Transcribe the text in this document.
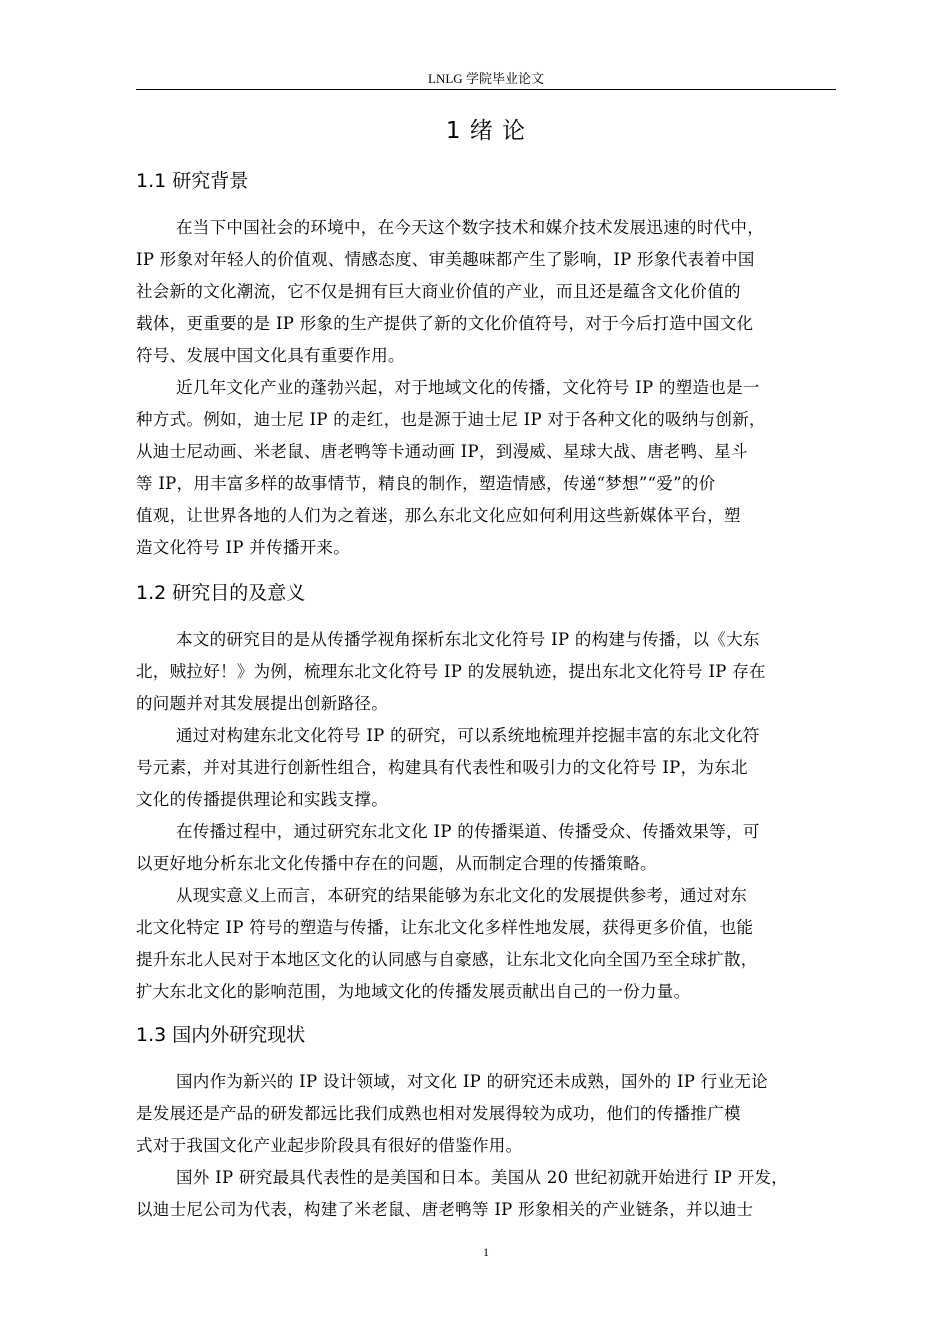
LNLG 学院毕业论文
1 绪 论
1.1 研究背景
在当下中国社会的环境中，在今天这个数字技术和媒介技术发展迅速的时代中，
IP 形象对年轻人的价值观、情感态度、审美趣味都产生了影响，IP 形象代表着中国
社会新的文化潮流，它不仅是拥有巨大商业价值的产业，而且还是蕴含文化价值的
载体，更重要的是 IP 形象的生产提供了新的文化价值符号，对于今后打造中国文化
符号、发展中国文化具有重要作用。
近几年文化产业的蓬勃兴起，对于地域文化的传播，文化符号 IP 的塑造也是一
种方式。例如，迪士尼 IP 的走红，也是源于迪士尼 IP 对于各种文化的吸纳与创新，
从迪士尼动画、米老鼠、唐老鸭等卡通动画 IP，到漫威、星球大战、唐老鸭、星斗
等 IP，用丰富多样的故事情节，精良的制作，塑造情感，传递“梦想”“爱”的价
值观，让世界各地的人们为之着迷，那么东北文化应如何利用这些新媒体平台，塑
造文化符号 IP 并传播开来。
1.2 研究目的及意义
本文的研究目的是从传播学视角探析东北文化符号 IP 的构建与传播，以《大东
北，贼拉好！》为例，梳理东北文化符号 IP 的发展轨迹，提出东北文化符号 IP 存在
的问题并对其发展提出创新路径。
通过对构建东北文化符号 IP 的研究，可以系统地梳理并挖掘丰富的东北文化符
号元素，并对其进行创新性组合，构建具有代表性和吸引力的文化符号 IP，为东北
文化的传播提供理论和实践支撑。
在传播过程中，通过研究东北文化 IP 的传播渠道、传播受众、传播效果等，可
以更好地分析东北文化传播中存在的问题，从而制定合理的传播策略。
从现实意义上而言，本研究的结果能够为东北文化的发展提供参考，通过对东
北文化特定 IP 符号的塑造与传播，让东北文化多样性地发展，获得更多价值，也能
提升东北人民对于本地区文化的认同感与自豪感，让东北文化向全国乃至全球扩散，
扩大东北文化的影响范围，为地域文化的传播发展贡献出自己的一份力量。
1.3 国内外研究现状
国内作为新兴的 IP 设计领域，对文化 IP 的研究还未成熟，国外的 IP 行业无论
是发展还是产品的研发都远比我们成熟也相对发展得较为成功，他们的传播推广模
式对于我国文化产业起步阶段具有很好的借鉴作用。
国外 IP 研究最具代表性的是美国和日本。美国从 20 世纪初就开始进行 IP 开发，
以迪士尼公司为代表，构建了米老鼠、唐老鸭等 IP 形象相关的产业链条，并以迪士
1
